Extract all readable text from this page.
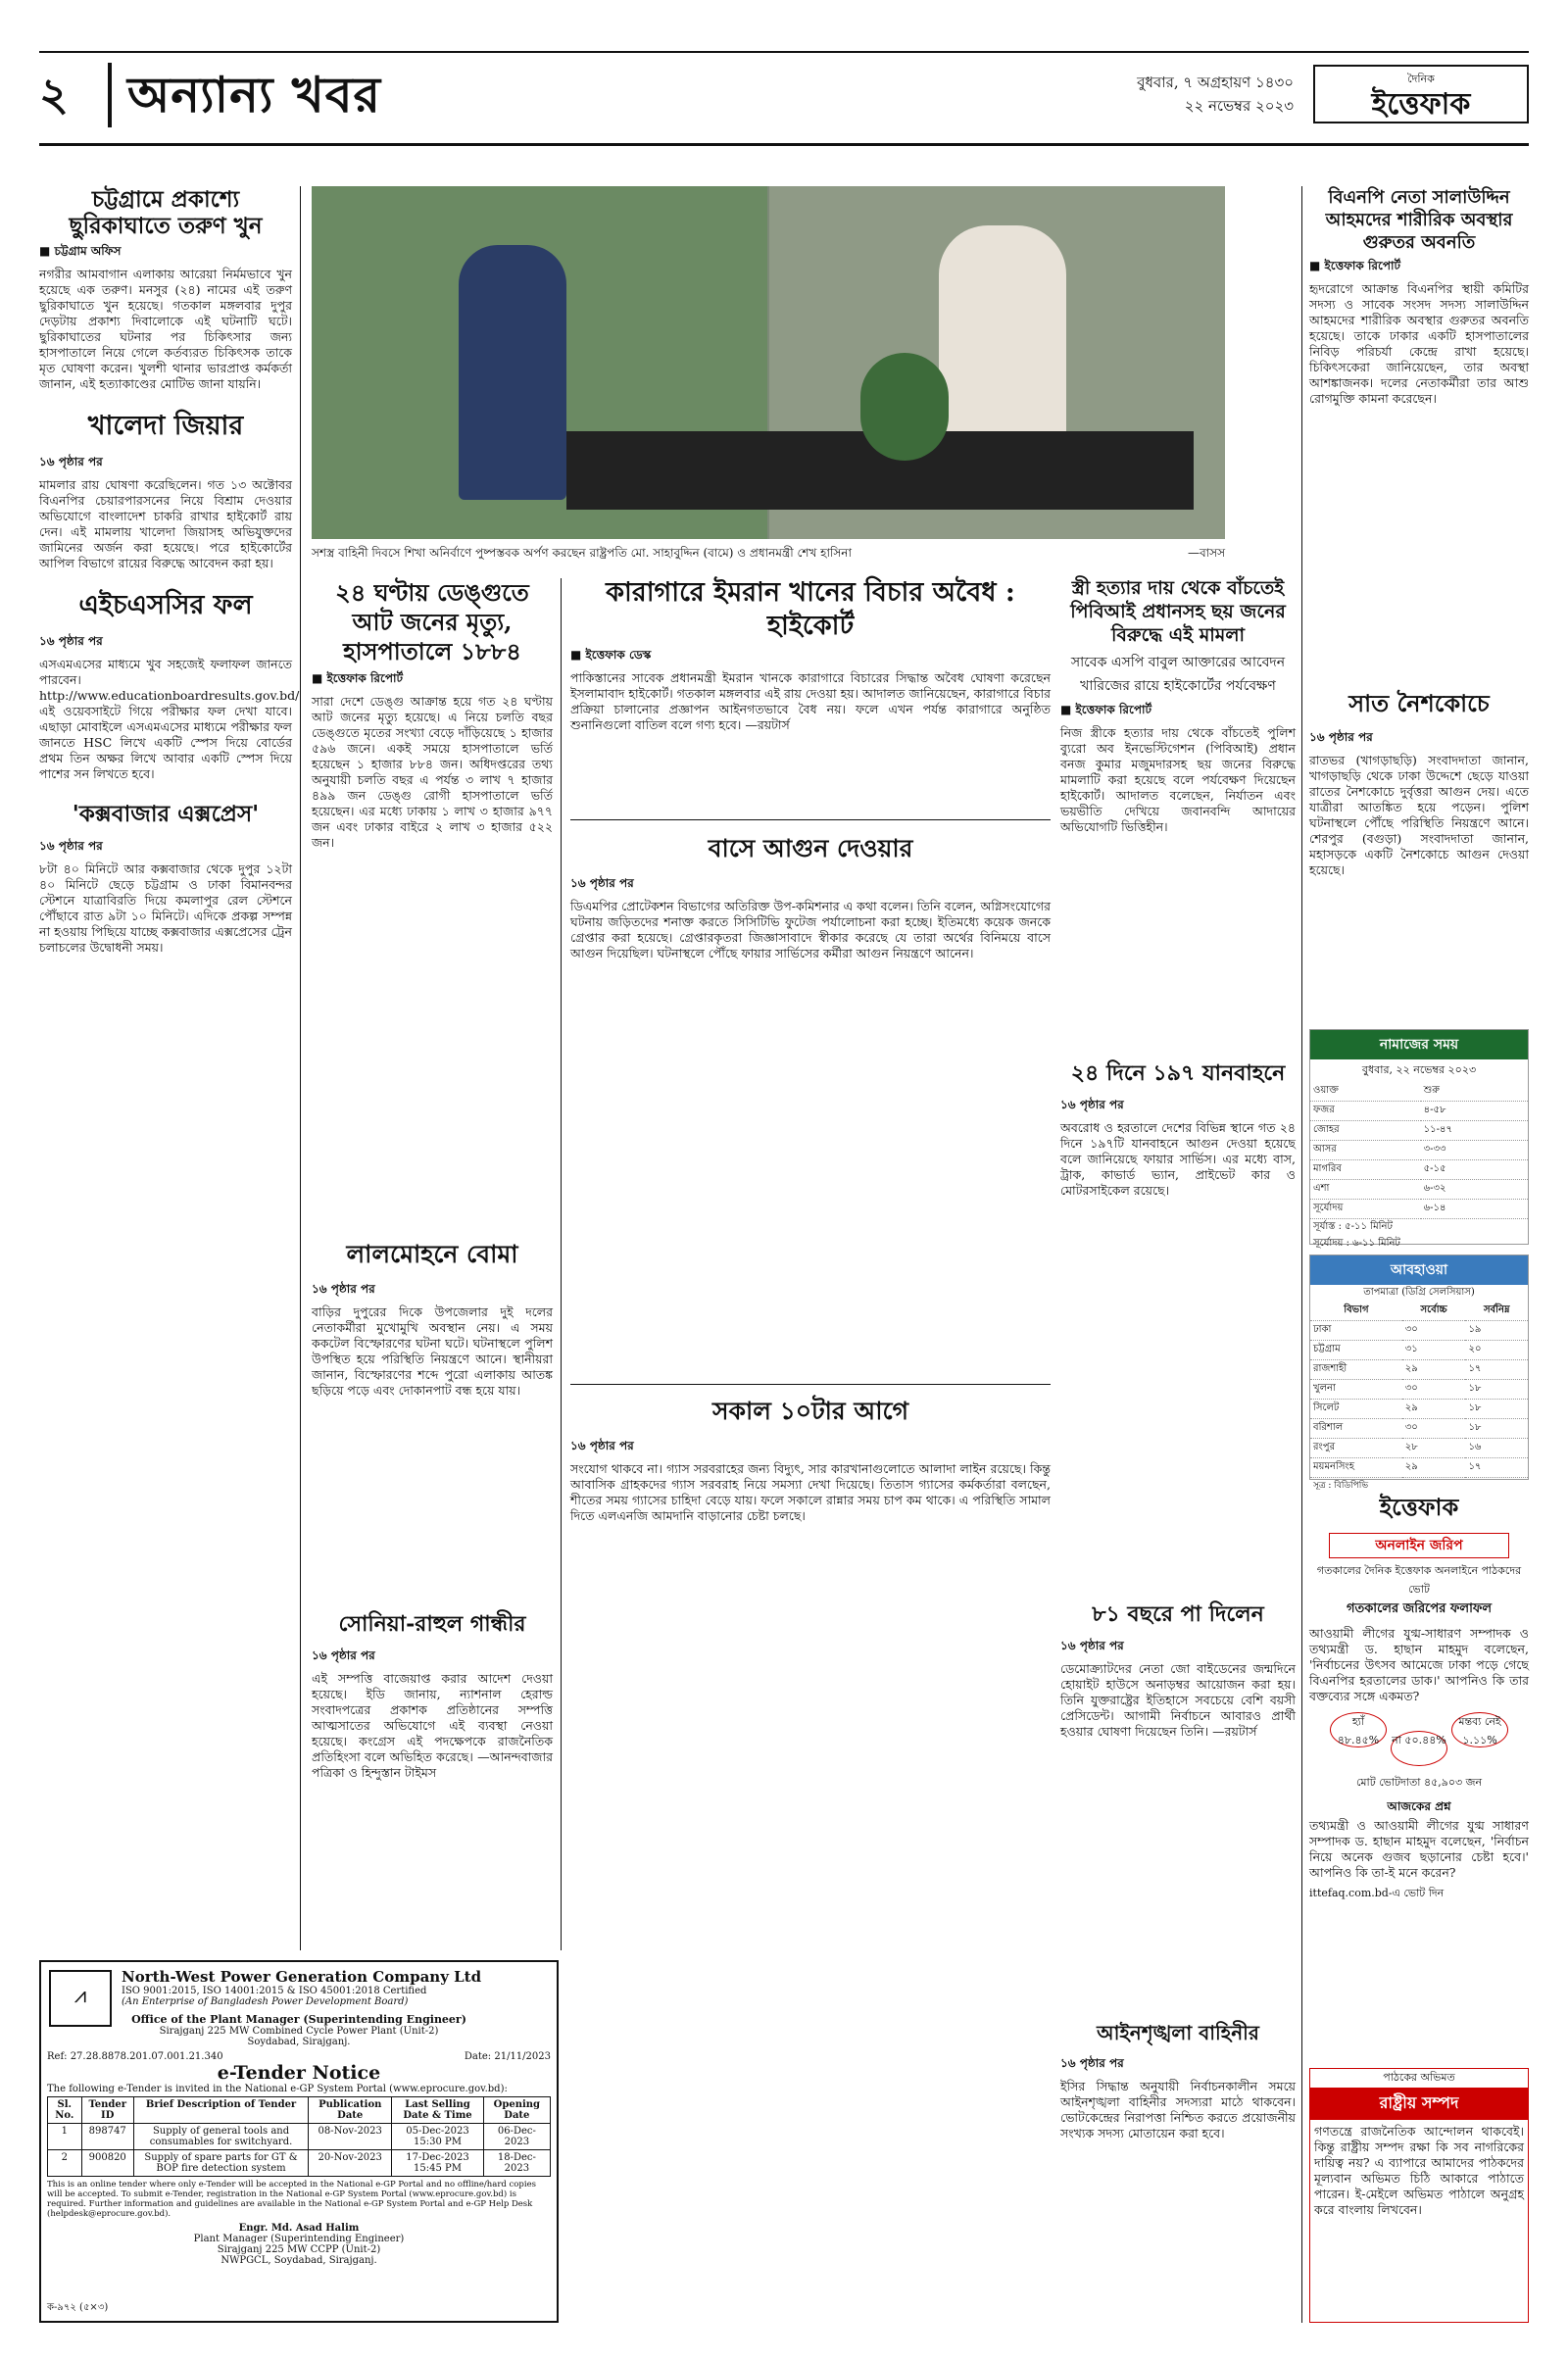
২ অন্যান্য খবর	বুধবার, ৭ অগ্রহায়ণ ১৪৩০
২২ নভেম্বর ২০২৩
দৈনিক
ইত্তেফাক
চট্টগ্রামে প্রকাশ্যে ছুরিকাঘাতে তরুণ খুন
■ চট্টগ্রাম অফিস
নগরীর আমবাগান এলাকায় আরেয়া নির্মমভাবে খুন হয়েছে এক তরুণ। মনসুর (২৪) নামের এই তরুণ ছুরিকাঘাতে খুন হয়েছে। গতকাল মঙ্গলবার দুপুর দেড়টায় প্রকাশ্য দিবালোকে এই ঘটনাটি ঘটে। ছুরিকাঘাতের ঘটনার পর চিকিৎসার জন্য হাসপাতালে নিয়ে গেলে কর্তব্যরত চিকিৎসক তাকে মৃত ঘোষণা করেন। খুলশী থানার ভারপ্রাপ্ত কর্মকর্তা জানান, এই হত্যাকাণ্ডের মোটিভ জানা যায়নি।
খালেদা জিয়ার
১৬ পৃষ্ঠার পর
মামলার রায় ঘোষণা করেছিলেন। গত ১৩ অক্টোবর বিএনপির চেয়ারপারসনের নিয়ে বিশ্রাম দেওয়ার অভিযোগে বাংলাদেশ চাকরি রাখার হাইকোর্ট রায় দেন। এই মামলায় খালেদা জিয়াসহ অভিযুক্তদের জামিনের অর্জন করা হয়েছে। পরে হাইকোর্টের আপিল বিভাগে রায়ের বিরুদ্ধে আবেদন করা হয়।
এইচএসসির ফল
১৬ পৃষ্ঠার পর
এসএমএসের মাধ্যমে খুব সহজেই ফলাফল জানতে পারবেন। http://www.educationboardresults.gov.bd/ এই ওয়েবসাইটে গিয়ে পরীক্ষার ফল দেখা যাবে। এছাড়া মোবাইলে এসএমএসের মাধ্যমে পরীক্ষার ফল জানতে HSC লিখে একটি স্পেস দিয়ে বোর্ডের প্রথম তিন অক্ষর লিখে আবার একটি স্পেস দিয়ে পাশের সন লিখতে হবে।
'কক্সবাজার এক্সপ্রেস'
১৬ পৃষ্ঠার পর
৮টা ৪০ মিনিটে আর কক্সবাজার থেকে দুপুর ১২টা ৪০ মিনিটে ছেড়ে চট্টগ্রাম ও ঢাকা বিমানবন্দর স্টেশনে যাত্রাবিরতি দিয়ে কমলাপুর রেল স্টেশনে পৌঁছাবে রাত ৯টা ১০ মিনিটে। এদিকে প্রকল্প সম্পন্ন না হওয়ায় পিছিয়ে যাচ্ছে কক্সবাজার এক্সপ্রেসের ট্রেন চলাচলের উদ্বোধনী সময়।
সশস্ত্র বাহিনী দিবসে শিখা অনির্বাণে পুষ্পস্তবক অর্পণ করছেন রাষ্ট্রপতি মো. সাহাবুদ্দিন (বামে) ও প্রধানমন্ত্রী শেখ হাসিনা	—বাসস
২৪ ঘণ্টায় ডেঙ্গুতে আট জনের মৃত্যু, হাসপাতালে ১৮৮৪
■ ইত্তেফাক রিপোর্ট
সারা দেশে ডেঙ্গু আক্রান্ত হয়ে গত ২৪ ঘণ্টায় আট জনের মৃত্যু হয়েছে। এ নিয়ে চলতি বছর ডেঙ্গুতে মৃতের সংখ্যা বেড়ে দাঁড়িয়েছে ১ হাজার ৫৯৬ জনে। একই সময়ে হাসপাতালে ভর্তি হয়েছেন ১ হাজার ৮৮৪ জন। অধিদপ্তরের তথ্য অনুযায়ী চলতি বছর এ পর্যন্ত ৩ লাখ ৭ হাজার ৪৯৯ জন ডেঙ্গু রোগী হাসপাতালে ভর্তি হয়েছেন। এর মধ্যে ঢাকায় ১ লাখ ৩ হাজার ৯৭৭ জন এবং ঢাকার বাইরে ২ লাখ ৩ হাজার ৫২২ জন।
লালমোহনে বোমা
১৬ পৃষ্ঠার পর
বাড়ির দুপুরের দিকে উপজেলার দুই দলের নেতাকর্মীরা মুখোমুখি অবস্থান নেয়। এ সময় ককটেল বিস্ফোরণের ঘটনা ঘটে। ঘটনাস্থলে পুলিশ উপস্থিত হয়ে পরিস্থিতি নিয়ন্ত্রণে আনে। স্থানীয়রা জানান, বিস্ফোরণের শব্দে পুরো এলাকায় আতঙ্ক ছড়িয়ে পড়ে এবং দোকানপাট বন্ধ হয়ে যায়।
সোনিয়া-রাহুল গান্ধীর
১৬ পৃষ্ঠার পর
এই সম্পত্তি বাজেয়াপ্ত করার আদেশ দেওয়া হয়েছে। ইডি জানায়, ন্যাশনাল হেরাল্ড সংবাদপত্রের প্রকাশক প্রতিষ্ঠানের সম্পত্তি আত্মসাতের অভিযোগে এই ব্যবস্থা নেওয়া হয়েছে। কংগ্রেস এই পদক্ষেপকে রাজনৈতিক প্রতিহিংসা বলে অভিহিত করেছে। —আনন্দবাজার পত্রিকা ও হিন্দুস্তান টাইমস
কারাগারে ইমরান খানের বিচার অবৈধ : হাইকোর্ট
■ ইত্তেফাক ডেস্ক
পাকিস্তানের সাবেক প্রধানমন্ত্রী ইমরান খানকে কারাগারে বিচারের সিদ্ধান্ত অবৈধ ঘোষণা করেছেন ইসলামাবাদ হাইকোর্ট। গতকাল মঙ্গলবার এই রায় দেওয়া হয়। আদালত জানিয়েছেন, কারাগারে বিচার প্রক্রিয়া চালানোর প্রজ্ঞাপন আইনগতভাবে বৈধ নয়। ফলে এখন পর্যন্ত কারাগারে অনুষ্ঠিত শুনানিগুলো বাতিল বলে গণ্য হবে। —রয়টার্স
বাসে আগুন দেওয়ার
১৬ পৃষ্ঠার পর
ডিএমপির প্রোটেকশন বিভাগের অতিরিক্ত উপ-কমিশনার এ কথা বলেন। তিনি বলেন, অগ্নিসংযোগের ঘটনায় জড়িতদের শনাক্ত করতে সিসিটিভি ফুটেজ পর্যালোচনা করা হচ্ছে। ইতিমধ্যে কয়েক জনকে গ্রেপ্তার করা হয়েছে। গ্রেপ্তারকৃতরা জিজ্ঞাসাবাদে স্বীকার করেছে যে তারা অর্থের বিনিময়ে বাসে আগুন দিয়েছিল। ঘটনাস্থলে পৌঁছে ফায়ার সার্ভিসের কর্মীরা আগুন নিয়ন্ত্রণে আনেন।
সকাল ১০টার আগে
১৬ পৃষ্ঠার পর
সংযোগ থাকবে না। গ্যাস সরবরাহের জন্য বিদ্যুৎ, সার কারখানাগুলোতে আলাদা লাইন রয়েছে। কিন্তু আবাসিক গ্রাহকদের গ্যাস সরবরাহ নিয়ে সমস্যা দেখা দিয়েছে। তিতাস গ্যাসের কর্মকর্তারা বলছেন, শীতের সময় গ্যাসের চাহিদা বেড়ে যায়। ফলে সকালে রান্নার সময় চাপ কম থাকে। এ পরিস্থিতি সামাল দিতে এলএনজি আমদানি বাড়ানোর চেষ্টা চলছে।
স্ত্রী হত্যার দায় থেকে বাঁচতেই পিবিআই প্রধানসহ ছয় জনের বিরুদ্ধে এই মামলা
সাবেক এসপি বাবুল আক্তারের আবেদন খারিজের রায়ে হাইকোর্টের পর্যবেক্ষণ
■ ইত্তেফাক রিপোর্ট
নিজ স্ত্রীকে হত্যার দায় থেকে বাঁচতেই পুলিশ ব্যুরো অব ইনভেস্টিগেশন (পিবিআই) প্রধান বনজ কুমার মজুমদারসহ ছয় জনের বিরুদ্ধে মামলাটি করা হয়েছে বলে পর্যবেক্ষণ দিয়েছেন হাইকোর্ট। আদালত বলেছেন, নির্যাতন এবং ভয়ভীতি দেখিয়ে জবানবন্দি আদায়ের অভিযোগটি ভিত্তিহীন।
২৪ দিনে ১৯৭ যানবাহনে
১৬ পৃষ্ঠার পর
অবরোধ ও হরতালে দেশের বিভিন্ন স্থানে গত ২৪ দিনে ১৯৭টি যানবাহনে আগুন দেওয়া হয়েছে বলে জানিয়েছে ফায়ার সার্ভিস। এর মধ্যে বাস, ট্রাক, কাভার্ড ভ্যান, প্রাইভেট কার ও মোটরসাইকেল রয়েছে।
৮১ বছরে পা দিলেন
১৬ পৃষ্ঠার পর
ডেমোক্র্যাটদের নেতা জো বাইডেনের জন্মদিনে হোয়াইট হাউসে অনাড়ম্বর আয়োজন করা হয়। তিনি যুক্তরাষ্ট্রের ইতিহাসে সবচেয়ে বেশি বয়সী প্রেসিডেন্ট। আগামী নির্বাচনে আবারও প্রার্থী হওয়ার ঘোষণা দিয়েছেন তিনি। —রয়টার্স
আইনশৃঙ্খলা বাহিনীর
১৬ পৃষ্ঠার পর
ইসির সিদ্ধান্ত অনুযায়ী নির্বাচনকালীন সময়ে আইনশৃঙ্খলা বাহিনীর সদস্যরা মাঠে থাকবেন। ভোটকেন্দ্রের নিরাপত্তা নিশ্চিত করতে প্রয়োজনীয় সংখ্যক সদস্য মোতায়েন করা হবে।
বিএনপি নেতা সালাউদ্দিন আহমদের শারীরিক অবস্থার গুরুতর অবনতি
■ ইত্তেফাক রিপোর্ট
হৃদরোগে আক্রান্ত বিএনপির স্থায়ী কমিটির সদস্য ও সাবেক সংসদ সদস্য সালাউদ্দিন আহমদের শারীরিক অবস্থার গুরুতর অবনতি হয়েছে। তাকে ঢাকার একটি হাসপাতালের নিবিড় পরিচর্যা কেন্দ্রে রাখা হয়েছে। চিকিৎসকেরা জানিয়েছেন, তার অবস্থা আশঙ্কাজনক। দলের নেতাকর্মীরা তার আশু রোগমুক্তি কামনা করেছেন।
সাত নৈশকোচে
১৬ পৃষ্ঠার পর
রাতভর (খাগড়াছড়ি) সংবাদদাতা জানান, খাগড়াছড়ি থেকে ঢাকা উদ্দেশে ছেড়ে যাওয়া রাতের নৈশকোচে দুর্বৃত্তরা আগুন দেয়। এতে যাত্রীরা আতঙ্কিত হয়ে পড়েন। পুলিশ ঘটনাস্থলে পৌঁছে পরিস্থিতি নিয়ন্ত্রণে আনে। শেরপুর (বগুড়া) সংবাদদাতা জানান, মহাসড়কে একটি নৈশকোচে আগুন দেওয়া হয়েছে।
নামাজের সময়
বুধবার, ২২ নভেম্বর ২০২৩
ওয়াক্ত	শুরু
ফজর	৪-৫৮
জোহর	১১-৪৭
আসর	৩-৩৩
মাগরিব	৫-১৫
এশা	৬-৩২
সূর্যোদয়	৬-১৪
সূর্যাস্ত : ৫-১১ মিনিট
সূর্যোদয় : ৬-১১ মিনিট
আবহাওয়া
তাপমাত্রা (ডিগ্রি সেলসিয়াস)
বিভাগ	সর্বোচ্চ	সর্বনিম্ন
ঢাকা	৩০	১৯
চট্টগ্রাম	৩১	২০
রাজশাহী	২৯	১৭
খুলনা	৩০	১৮
সিলেট	২৯	১৮
বরিশাল	৩০	১৮
রংপুর	২৮	১৬
ময়মনসিংহ	২৯	১৭
সূত্র : বিডিপিভি
ইত্তেফাক
অনলাইন জরিপ
গতকালের দৈনিক ইত্তেফাক অনলাইনে পাঠকদের ভোট
গতকালের জরিপের ফলাফল
আওয়ামী লীগের যুগ্ম-সাধারণ সম্পাদক ও তথ্যমন্ত্রী ড. হাছান মাহমুদ বলেছেন, 'নির্বাচনের উৎসব আমেজে ঢাকা পড়ে গেছে বিএনপির হরতালের ডাক।' আপনিও কি তার বক্তব্যের সঙ্গে একমত?
হ্যাঁ ৪৮.৪৫% না ৫০.৪৪%মন্তব্য নেই ১.১১%
মোট ভোটদাতা ৪৫,৯০৩ জন
আজকের প্রশ্ন
তথ্যমন্ত্রী ও আওয়ামী লীগের যুগ্ম সাধারণ সম্পাদক ড. হাছান মাহমুদ বলেছেন, 'নির্বাচন নিয়ে অনেক গুজব ছড়ানোর চেষ্টা হবে।' আপনিও কি তা-ই মনে করেন?
ittefaq.com.bd-এ ভোট দিন
পাঠকের অভিমত
রাষ্ট্রীয় সম্পদ
গণতন্ত্রে রাজনৈতিক আন্দোলন থাকবেই। কিন্তু রাষ্ট্রীয় সম্পদ রক্ষা কি সব নাগরিকের দায়িত্ব নয়? এ ব্যাপারে আমাদের পাঠকদের মূল্যবান অভিমত চিঠি আকারে পাঠাতে পারেন। ই-মেইলে অভিমত পাঠালে অনুগ্রহ করে বাংলায় লিখবেন।
⩘
North-West Power Generation Company Ltd
ISO 9001:2015, ISO 14001:2015 & ISO 45001:2018 Certified
(An Enterprise of Bangladesh Power Development Board)
Office of the Plant Manager (Superintending Engineer)
Sirajganj 225 MW Combined Cycle Power Plant (Unit-2)
Soydabad, Sirajganj.
Ref: 27.28.8878.201.07.001.21.340	Date: 21/11/2023
e-Tender Notice
The following e-Tender is invited in the National e-GP System Portal (www.eprocure.gov.bd):
Sl. No.	Tender ID	Brief Description of Tender	Publication Date	Last Selling Date & Time	Opening Date
1	898747	Supply of general tools and consumables for switchyard.	08-Nov-2023	05-Dec-2023 15:30 PM	06-Dec-2023
2	900820	Supply of spare parts for GT & BOP fire detection system	20-Nov-2023	17-Dec-2023 15:45 PM	18-Dec-2023
This is an online tender where only e-Tender will be accepted in the National e-GP Portal and no offline/hard copies will be accepted. To submit e-Tender, registration in the National e-GP System Portal (www.eprocure.gov.bd) is required. Further information and guidelines are available in the National e-GP System Portal and e-GP Help Desk (helpdesk@eprocure.gov.bd).
Engr. Md. Asad Halim
Plant Manager (Superintending Engineer)
Sirajganj 225 MW CCPP (Unit-2)
NWPGCL, Soydabad, Sirajganj.
ক-৯৭২ (৫×৩)
